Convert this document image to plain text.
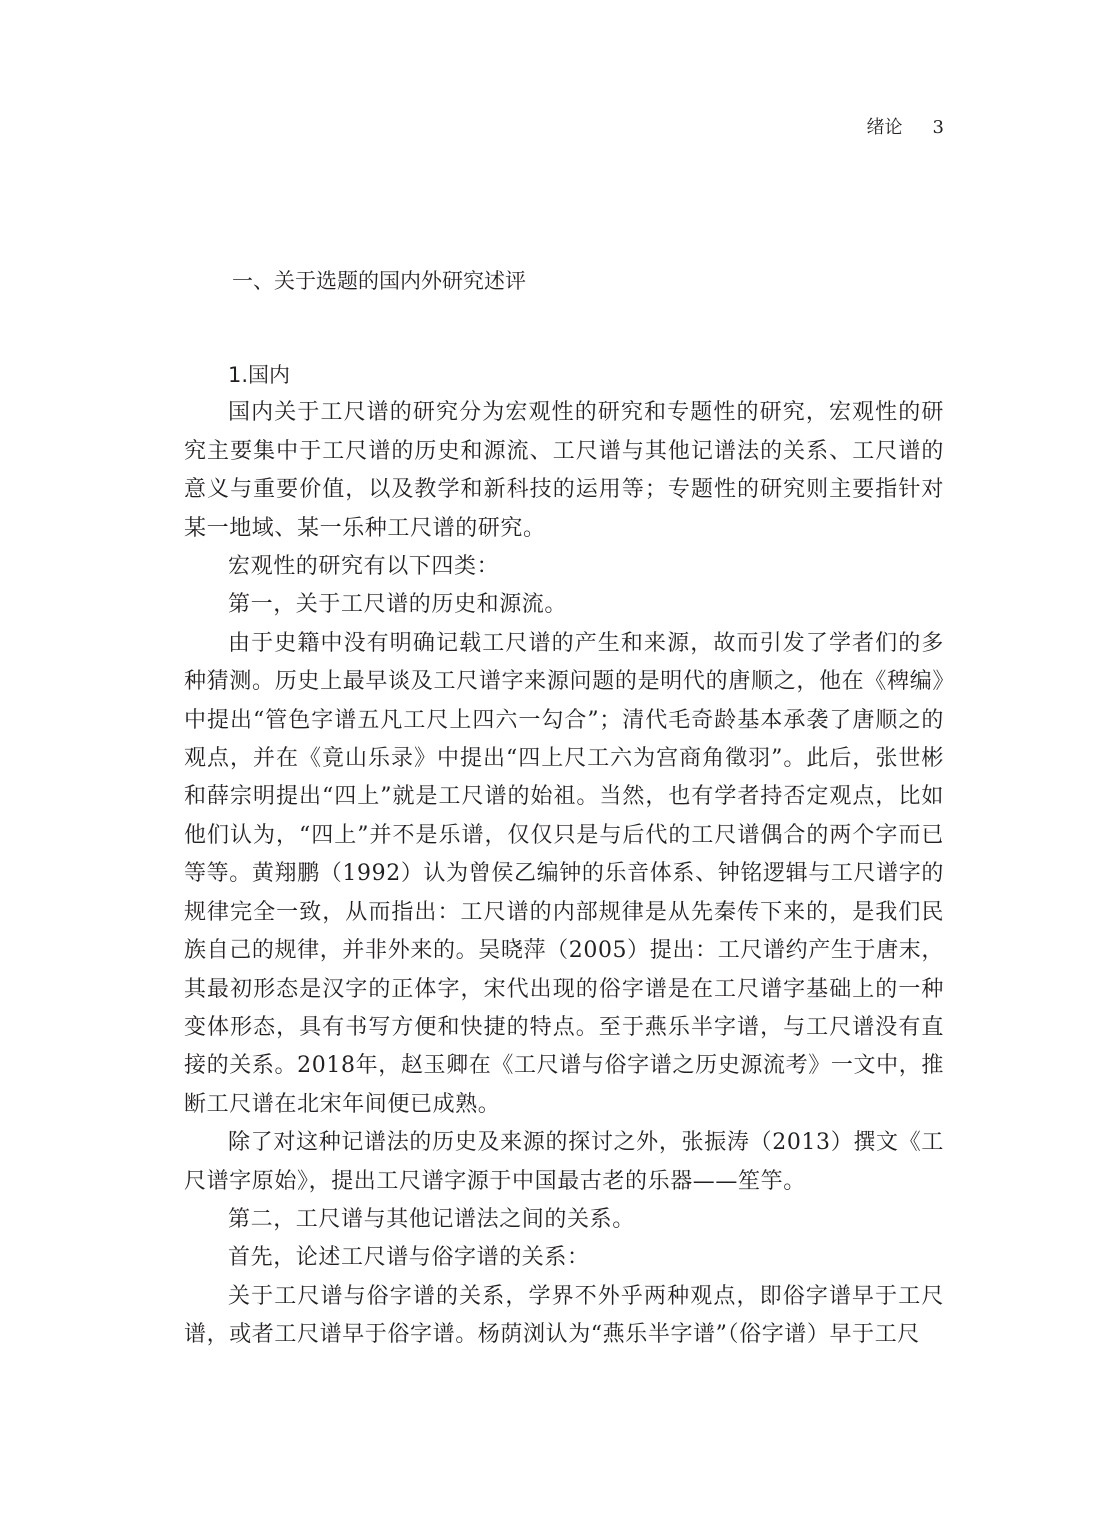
绪论 3
一、关于选题的国内外研究述评

1.国内

国内关于工尺谱的研究分为宏观性的研究和专题性的研究，宏观性的研究主要集中于工尺谱的历史和源流、工尺谱与其他记谱法的关系、工尺谱的意义与重要价值，以及教学和新科技的运用等；专题性的研究则主要指针对某一地域、某一乐种工尺谱的研究。

宏观性的研究有以下四类：

第一，关于工尺谱的历史和源流。

由于史籍中没有明确记载工尺谱的产生和来源，故而引发了学者们的多种猜测。历史上最早谈及工尺谱字来源问题的是明代的唐顺之，他在《稗编》中提出“管色字谱五凡工尺上四六一勾合”；清代毛奇龄基本承袭了唐顺之的观点，并在《竟山乐录》中提出“四上尺工六为宫商角徵羽”。此后，张世彬和薛宗明提出“四上”就是工尺谱的始祖。当然，也有学者持否定观点，比如他们认为，“四上”并不是乐谱，仅仅只是与后代的工尺谱偶合的两个字而已等等。黄翔鹏（1992）认为曾侯乙编钟的乐音体系、钟铭逻辑与工尺谱字的规律完全一致，从而指出：工尺谱的内部规律是从先秦传下来的，是我们民族自己的规律，并非外来的。吴晓萍（2005）提出：工尺谱约产生于唐末，其最初形态是汉字的正体字，宋代出现的俗字谱是在工尺谱字基础上的一种变体形态，具有书写方便和快捷的特点。至于燕乐半字谱，与工尺谱没有直接的关系。2018年，赵玉卿在《工尺谱与俗字谱之历史源流考》一文中，推断工尺谱在北宋年间便已成熟。

除了对这种记谱法的历史及来源的探讨之外，张振涛（2013）撰文《工尺谱字原始》，提出工尺谱字源于中国最古老的乐器——笙竽。

第二，工尺谱与其他记谱法之间的关系。

首先，论述工尺谱与俗字谱的关系：

关于工尺谱与俗字谱的关系，学界不外乎两种观点，即俗字谱早于工尺谱，或者工尺谱早于俗字谱。杨荫浏认为“燕乐半字谱”（俗字谱）早于工尺
